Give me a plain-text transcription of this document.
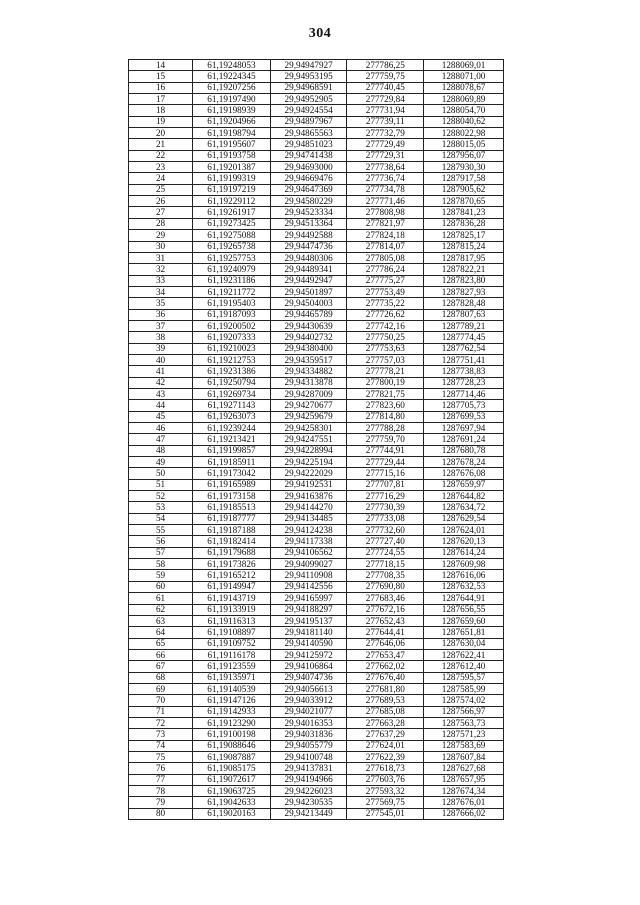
304
14	61,19248053	29,94947927	277786,25	1288069,01
15	61,19224345	29,94953195	277759,75	1288071,00
16	61,19207256	29,94968591	277740,45	1288078,67
17	61,19197490	29,94952905	277729,84	1288069,89
18	61,19198939	29,94924554	277731,94	1288054,70
19	61,19204966	29,94897967	277739,11	1288040,62
20	61,19198794	29,94865563	277732,79	1288022,98
21	61,19195607	29,94851023	277729,49	1288015,05
22	61,19193758	29,94741438	277729,31	1287956,07
23	61,19201387	29,94693000	277738,64	1287930,30
24	61,19199319	29,94669476	277736,74	1287917,58
25	61,19197219	29,94647369	277734,78	1287905,62
26	61,19229112	29,94580229	277771,46	1287870,65
27	61,19261917	29,94523334	277808,98	1287841,23
28	61,19273425	29,94513364	277821,97	1287836,28
29	61,19275088	29,94492588	277824,18	1287825,17
30	61,19265738	29,94474736	277814,07	1287815,24
31	61,19257753	29,94480306	277805,08	1287817,95
32	61,19240979	29,94489341	277786,24	1287822,21
33	61,19231186	29,94492947	277775,27	1287823,80
34	61,19211772	29,94501897	277753,49	1287827,93
35	61,19195403	29,94504003	277735,22	1287828,48
36	61,19187093	29,94465789	277726,62	1287807,63
37	61,19200502	29,94430639	277742,16	1287789,21
38	61,19207333	29,94402732	277750,25	1287774,45
39	61,19210023	29,94380400	277753,63	1287762,54
40	61,19212753	29,94359517	277757,03	1287751,41
41	61,19231386	29,94334882	277778,21	1287738,83
42	61,19250794	29,94313878	277800,19	1287728,23
43	61,19269734	29,94287009	277821,75	1287714,46
44	61,19271143	29,94270677	277823,60	1287705,73
45	61,19263073	29,94259679	277814,80	1287699,53
46	61,19239244	29,94258301	277788,28	1287697,94
47	61,19213421	29,94247551	277759,70	1287691,24
48	61,19199857	29,94228994	277744,91	1287680,78
49	61,19185911	29,94225194	277729,44	1287678,24
50	61,19173042	29,94222029	277715,16	1287676,08
51	61,19165989	29,94192531	277707,81	1287659,97
52	61,19173158	29,94163876	277716,29	1287644,82
53	61,19185513	29,94144270	277730,39	1287634,72
54	61,19187777	29,94134485	277733,08	1287629,54
55	61,19187188	29,94124238	277732,60	1287624,01
56	61,19182414	29,94117338	277727,40	1287620,13
57	61,19179688	29,94106562	277724,55	1287614,24
58	61,19173826	29,94099027	277718,15	1287609,98
59	61,19165212	29,94110908	277708,35	1287616,06
60	61,19149947	29,94142556	277690,80	1287632,53
61	61,19143719	29,94165997	277683,46	1287644,91
62	61,19133919	29,94188297	277672,16	1287656,55
63	61,19116313	29,94195137	277652,43	1287659,60
64	61,19108897	29,94181140	277644,41	1287651,81
65	61,19109752	29,94140590	277646,06	1287630,04
66	61,19116178	29,94125972	277653,47	1287622,41
67	61,19123559	29,94106864	277662,02	1287612,40
68	61,19135971	29,94074736	277676,40	1287595,57
69	61,19140539	29,94056613	277681,80	1287585,99
70	61,19147126	29,94033912	277689,53	1287574,02
71	61,19142933	29,94021077	277685,08	1287566,97
72	61,19123290	29,94016353	277663,28	1287563,73
73	61,19100198	29,94031836	277637,29	1287571,23
74	61,19088646	29,94055779	277624,01	1287583,69
75	61,19087887	29,94100748	277622,39	1287607,84
76	61,19085175	29,94137831	277618,73	1287627,68
77	61,19072617	29,94194966	277603,76	1287657,95
78	61,19063725	29,94226023	277593,32	1287674,34
79	61,19042633	29,94230535	277569,75	1287676,01
80	61,19020163	29,94213449	277545,01	1287666,02
